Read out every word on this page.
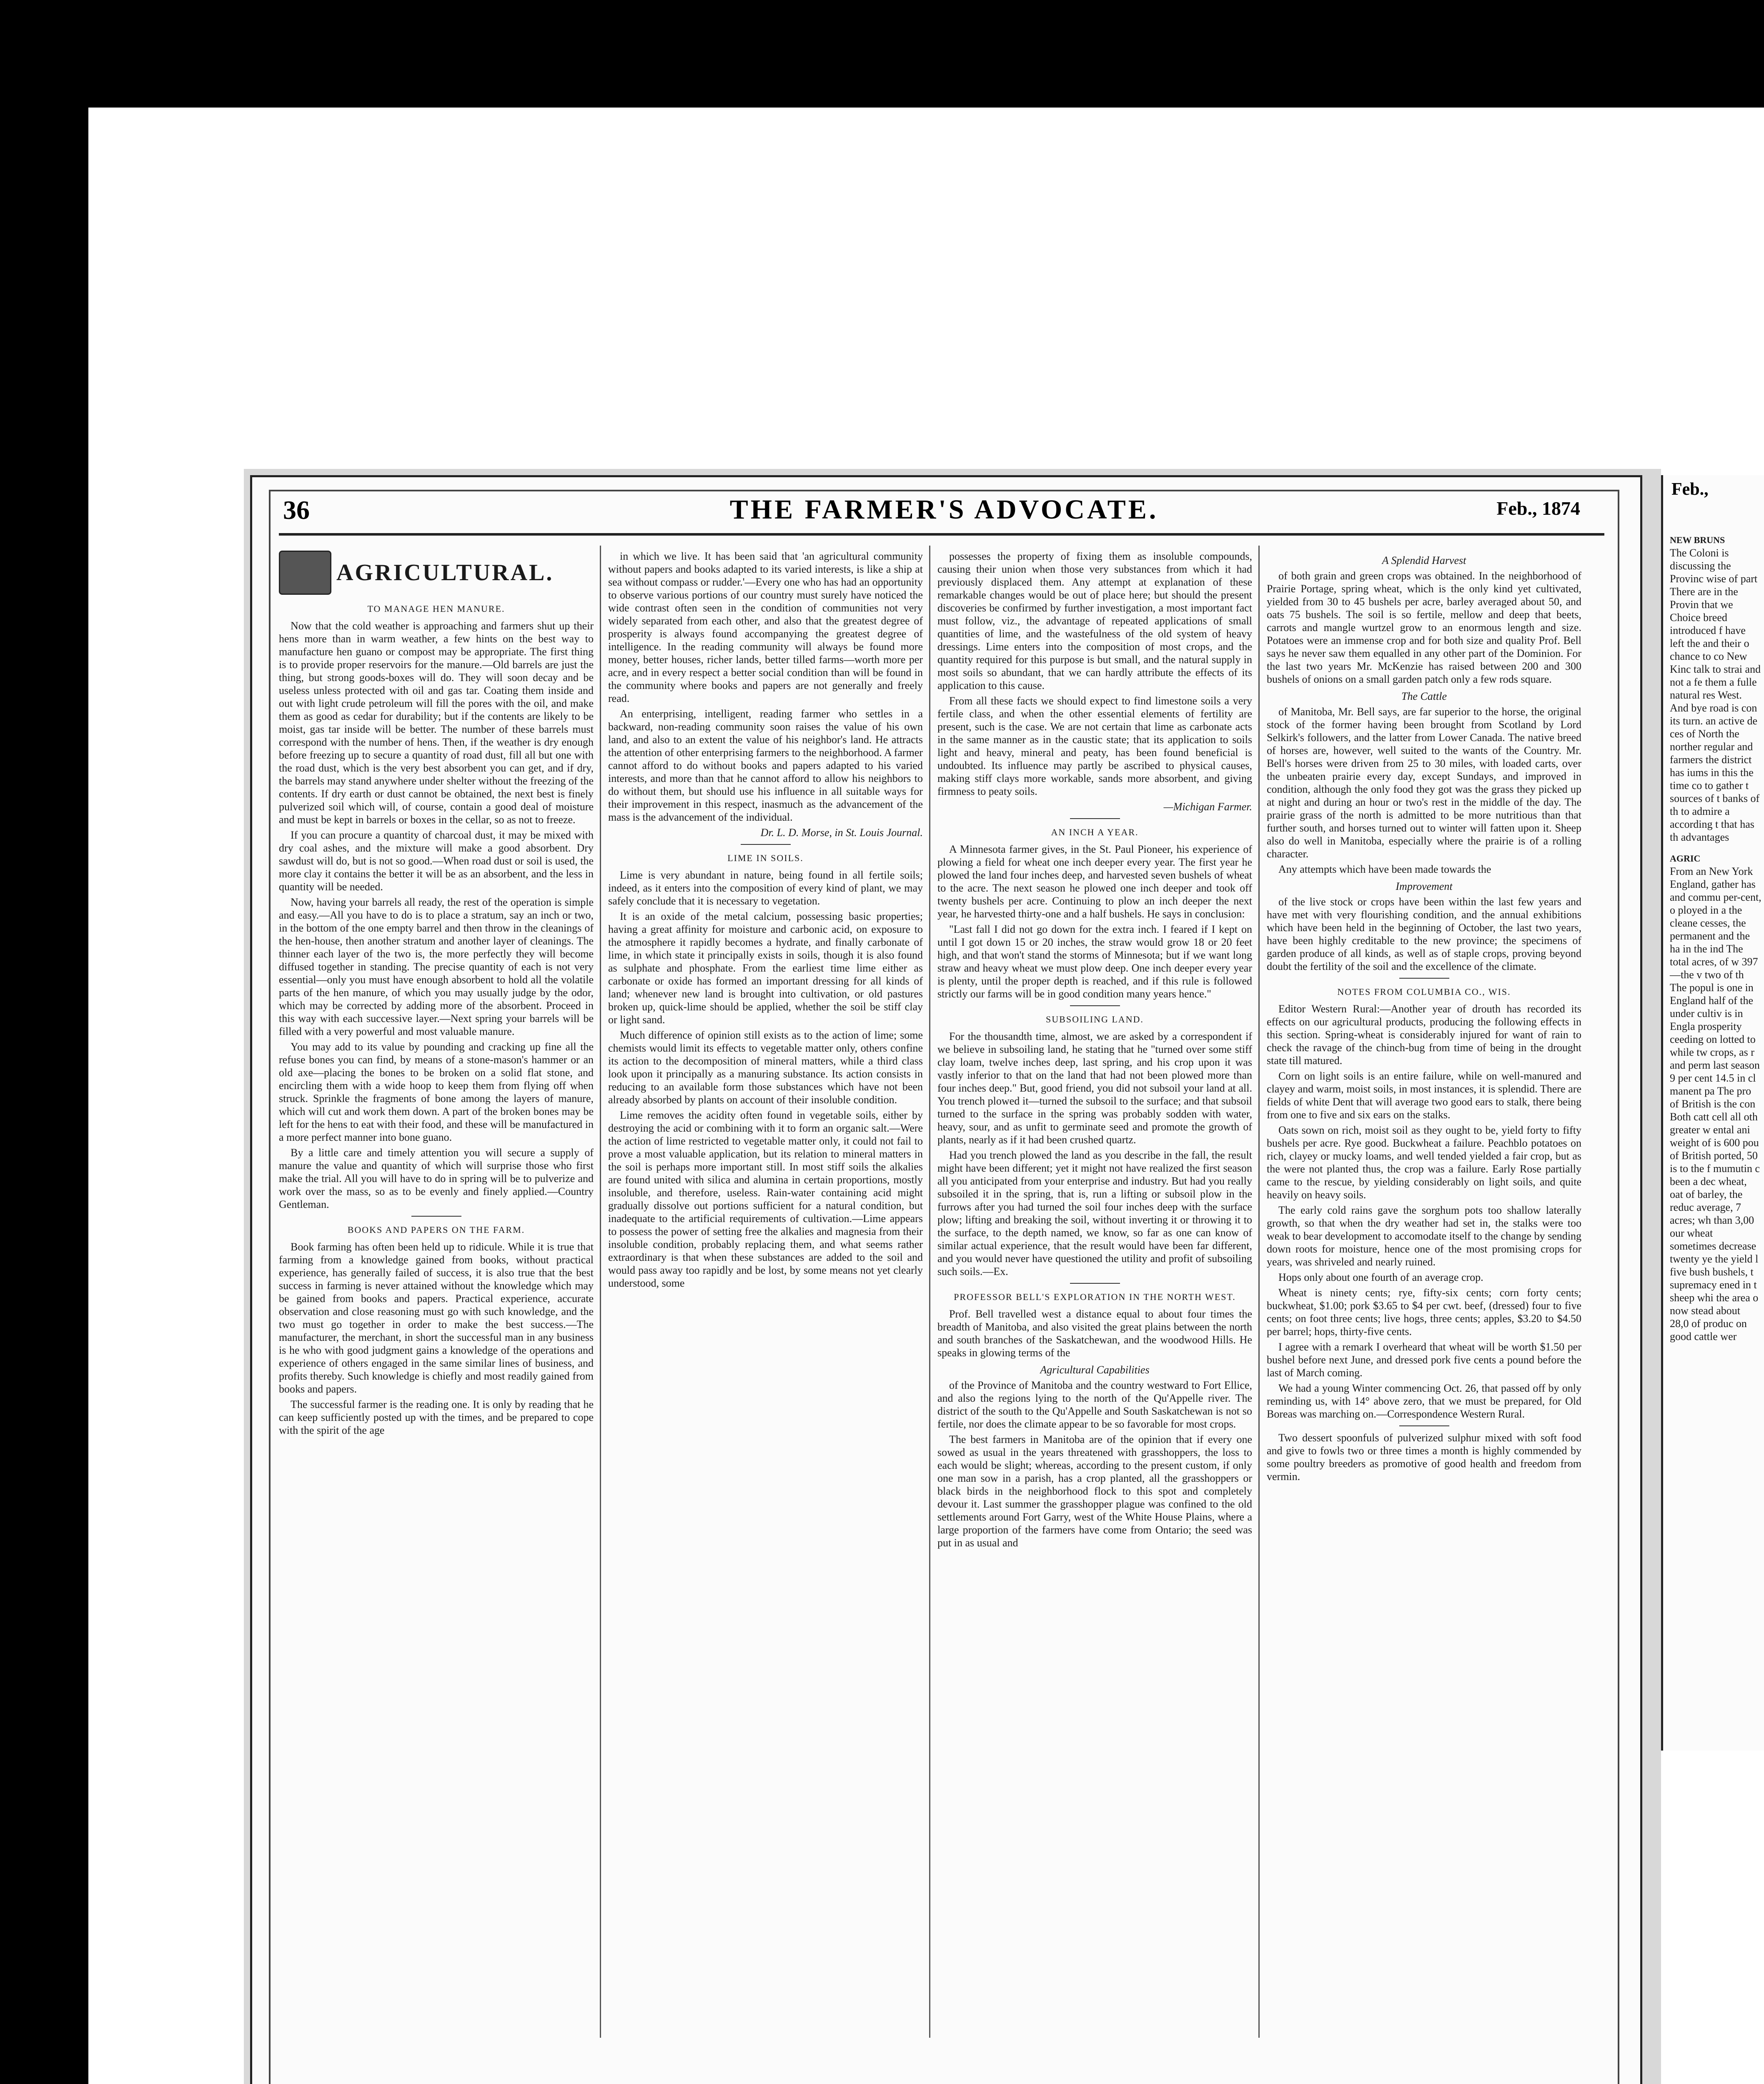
36	THE FARMER'S ADVOCATE.	Feb., 1874
AGRICULTURAL.
TO MANAGE HEN MANURE.

Now that the cold weather is approaching and farmers shut up their hens more than in warm weather, a few hints on the best way to manufacture hen guano or compost may be appropriate. The first thing is to provide proper reservoirs for the manure.—Old barrels are just the thing, but strong goods-boxes will do. They will soon decay and be useless unless protected with oil and gas tar. Coating them inside and out with light crude petroleum will fill the pores with the oil, and make them as good as cedar for durability; but if the contents are likely to be moist, gas tar inside will be better. The number of these barrels must correspond with the number of hens. Then, if the weather is dry enough before freezing up to secure a quantity of road dust, fill all but one with the road dust, which is the very best absorbent you can get, and if dry, the barrels may stand anywhere under shelter without the freezing of the contents. If dry earth or dust cannot be obtained, the next best is finely pulverized soil which will, of course, contain a good deal of moisture and must be kept in barrels or boxes in the cellar, so as not to freeze.

If you can procure a quantity of charcoal dust, it may be mixed with dry coal ashes, and the mixture will make a good absorbent. Dry sawdust will do, but is not so good.—When road dust or soil is used, the more clay it contains the better it will be as an absorbent, and the less in quantity will be needed.

Now, having your barrels all ready, the rest of the operation is simple and easy.—All you have to do is to place a stratum, say an inch or two, in the bottom of the one empty barrel and then throw in the cleanings of the hen-house, then another stratum and another layer of cleanings. The thinner each layer of the two is, the more perfectly they will become diffused together in standing. The precise quantity of each is not very essential—only you must have enough absorbent to hold all the volatile parts of the hen manure, of which you may usually judge by the odor, which may be corrected by adding more of the absorbent. Proceed in this way with each successive layer.—Next spring your barrels will be filled with a very powerful and most valuable manure.

You may add to its value by pounding and cracking up fine all the refuse bones you can find, by means of a stone-mason's hammer or an old axe—placing the bones to be broken on a solid flat stone, and encircling them with a wide hoop to keep them from flying off when struck. Sprinkle the fragments of bone among the layers of manure, which will cut and work them down. A part of the broken bones may be left for the hens to eat with their food, and these will be manufactured in a more perfect manner into bone guano.

By a little care and timely attention you will secure a supply of manure the value and quantity of which will surprise those who first make the trial. All you will have to do in spring will be to pulverize and work over the mass, so as to be evenly and finely applied.—Country Gentleman.

BOOKS AND PAPERS ON THE FARM.

Book farming has often been held up to ridicule. While it is true that farming from a knowledge gained from books, without practical experience, has generally failed of success, it is also true that the best success in farming is never attained without the knowledge which may be gained from books and papers. Practical experience, accurate observation and close reasoning must go with such knowledge, and the two must go together in order to make the best success.—The manufacturer, the merchant, in short the successful man in any business is he who with good judgment gains a knowledge of the operations and experience of others engaged in the same similar lines of business, and profits thereby. Such knowledge is chiefly and most readily gained from books and papers.

The successful farmer is the reading one. It is only by reading that he can keep sufficiently posted up with the times, and be prepared to cope with the spirit of the age

in which we live. It has been said that 'an agricultural community without papers and books adapted to its varied interests, is like a ship at sea without compass or rudder.'—Every one who has had an opportunity to observe various portions of our country must surely have noticed the wide contrast often seen in the condition of communities not very widely separated from each other, and also that the greatest degree of prosperity is always found accompanying the greatest degree of intelligence. In the reading community will always be found more money, better houses, richer lands, better tilled farms—worth more per acre, and in every respect a better social condition than will be found in the community where books and papers are not generally and freely read.

An enterprising, intelligent, reading farmer who settles in a backward, non-reading community soon raises the value of his own land, and also to an extent the value of his neighbor's land. He attracts the attention of other enterprising farmers to the neighborhood. A farmer cannot afford to do without books and papers adapted to his varied interests, and more than that he cannot afford to allow his neighbors to do without them, but should use his influence in all suitable ways for their improvement in this respect, inasmuch as the advancement of the mass is the advancement of the individual.

Dr. L. D. Morse, in St. Louis Journal.

LIME IN SOILS.

Lime is very abundant in nature, being found in all fertile soils; indeed, as it enters into the composition of every kind of plant, we may safely conclude that it is necessary to vegetation.

It is an oxide of the metal calcium, possessing basic properties; having a great affinity for moisture and carbonic acid, on exposure to the atmosphere it rapidly becomes a hydrate, and finally carbonate of lime, in which state it principally exists in soils, though it is also found as sulphate and phosphate. From the earliest time lime either as carbonate or oxide has formed an important dressing for all kinds of land; whenever new land is brought into cultivation, or old pastures broken up, quick-lime should be applied, whether the soil be stiff clay or light sand.

Much difference of opinion still exists as to the action of lime; some chemists would limit its effects to vegetable matter only, others confine its action to the decomposition of mineral matters, while a third class look upon it principally as a manuring substance. Its action consists in reducing to an available form those substances which have not been already absorbed by plants on account of their insoluble condition.

Lime removes the acidity often found in vegetable soils, either by destroying the acid or combining with it to form an organic salt.—Were the action of lime restricted to vegetable matter only, it could not fail to prove a most valuable application, but its relation to mineral matters in the soil is perhaps more important still. In most stiff soils the alkalies are found united with silica and alumina in certain proportions, mostly insoluble, and therefore, useless. Rain-water containing acid might gradually dissolve out portions sufficient for a natural condition, but inadequate to the artificial requirements of cultivation.—Lime appears to possess the power of setting free the alkalies and magnesia from their insoluble condition, probably replacing them, and what seems rather extraordinary is that when these substances are added to the soil and would pass away too rapidly and be lost, by some means not yet clearly understood, some

possesses the property of fixing them as insoluble compounds, causing their union when those very substances from which it had previously displaced them. Any attempt at explanation of these remarkable changes would be out of place here; but should the present discoveries be confirmed by further investigation, a most important fact must follow, viz., the advantage of repeated applications of small quantities of lime, and the wastefulness of the old system of heavy dressings. Lime enters into the composition of most crops, and the quantity required for this purpose is but small, and the natural supply in most soils so abundant, that we can hardly attribute the effects of its application to this cause.

From all these facts we should expect to find limestone soils a very fertile class, and when the other essential elements of fertility are present, such is the case. We are not certain that lime as carbonate acts in the same manner as in the caustic state; that its application to soils light and heavy, mineral and peaty, has been found beneficial is undoubted. Its influence may partly be ascribed to physical causes, making stiff clays more workable, sands more absorbent, and giving firmness to peaty soils.

—Michigan Farmer.

AN INCH A YEAR.

A Minnesota farmer gives, in the St. Paul Pioneer, his experience of plowing a field for wheat one inch deeper every year. The first year he plowed the land four inches deep, and harvested seven bushels of wheat to the acre. The next season he plowed one inch deeper and took off twenty bushels per acre. Continuing to plow an inch deeper the next year, he harvested thirty-one and a half bushels. He says in conclusion:

"Last fall I did not go down for the extra inch. I feared if I kept on until I got down 15 or 20 inches, the straw would grow 18 or 20 feet high, and that won't stand the storms of Minnesota; but if we want long straw and heavy wheat we must plow deep. One inch deeper every year is plenty, until the proper depth is reached, and if this rule is followed strictly our farms will be in good condition many years hence."

SUBSOILING LAND.

For the thousandth time, almost, we are asked by a correspondent if we believe in subsoiling land, he stating that he "turned over some stiff clay loam, twelve inches deep, last spring, and his crop upon it was vastly inferior to that on the land that had not been plowed more than four inches deep." But, good friend, you did not subsoil your land at all. You trench plowed it—turned the subsoil to the surface; and that subsoil turned to the surface in the spring was probably sodden with water, heavy, sour, and as unfit to germinate seed and promote the growth of plants, nearly as if it had been crushed quartz.

Had you trench plowed the land as you describe in the fall, the result might have been different; yet it might not have realized the first season all you anticipated from your enterprise and industry. But had you really subsoiled it in the spring, that is, run a lifting or subsoil plow in the furrows after you had turned the soil four inches deep with the surface plow; lifting and breaking the soil, without inverting it or throwing it to the surface, to the depth named, we know, so far as one can know of similar actual experience, that the result would have been far different, and you would never have questioned the utility and profit of subsoiling such soils.—Ex.

PROFESSOR BELL'S EXPLORATION IN THE NORTH WEST.

Prof. Bell travelled west a distance equal to about four times the breadth of Manitoba, and also visited the great plains between the north and south branches of the Saskatchewan, and the woodwood Hills. He speaks in glowing terms of the

Agricultural Capabilities

of the Province of Manitoba and the country westward to Fort Ellice, and also the regions lying to the north of the Qu'Appelle river. The district of the south to the Qu'Appelle and South Saskatchewan is not so fertile, nor does the climate appear to be so favorable for most crops.

The best farmers in Manitoba are of the opinion that if every one sowed as usual in the years threatened with grasshoppers, the loss to each would be slight; whereas, according to the present custom, if only one man sow in a parish, has a crop planted, all the grasshoppers or black birds in the neighborhood flock to this spot and completely devour it. Last summer the grasshopper plague was confined to the old settlements around Fort Garry, west of the White House Plains, where a large proportion of the farmers have come from Ontario; the seed was put in as usual and

A Splendid Harvest

of both grain and green crops was obtained. In the neighborhood of Prairie Portage, spring wheat, which is the only kind yet cultivated, yielded from 30 to 45 bushels per acre, barley averaged about 50, and oats 75 bushels. The soil is so fertile, mellow and deep that beets, carrots and mangle wurtzel grow to an enormous length and size. Potatoes were an immense crop and for both size and quality Prof. Bell says he never saw them equalled in any other part of the Dominion. For the last two years Mr. McKenzie has raised between 200 and 300 bushels of onions on a small garden patch only a few rods square.

The Cattle

of Manitoba, Mr. Bell says, are far superior to the horse, the original stock of the former having been brought from Scotland by Lord Selkirk's followers, and the latter from Lower Canada. The native breed of horses are, however, well suited to the wants of the Country. Mr. Bell's horses were driven from 25 to 30 miles, with loaded carts, over the unbeaten prairie every day, except Sundays, and improved in condition, although the only food they got was the grass they picked up at night and during an hour or two's rest in the middle of the day. The prairie grass of the north is admitted to be more nutritious than that further south, and horses turned out to winter will fatten upon it. Sheep also do well in Manitoba, especially where the prairie is of a rolling character.

Any attempts which have been made towards the

Improvement

of the live stock or crops have been within the last few years and have met with very flourishing condition, and the annual exhibitions which have been held in the beginning of October, the last two years, have been highly creditable to the new province; the specimens of garden produce of all kinds, as well as of staple crops, proving beyond doubt the fertility of the soil and the excellence of the climate.

NOTES FROM COLUMBIA CO., WIS.

Editor Western Rural:—Another year of drouth has recorded its effects on our agricultural products, producing the following effects in this section. Spring-wheat is considerably injured for want of rain to check the ravage of the chinch-bug from time of being in the drought state till matured.

Corn on light soils is an entire failure, while on well-manured and clayey and warm, moist soils, in most instances, it is splendid. There are fields of white Dent that will average two good ears to stalk, there being from one to five and six ears on the stalks.

Oats sown on rich, moist soil as they ought to be, yield forty to fifty bushels per acre. Rye good. Buckwheat a failure. Peachblo potatoes on rich, clayey or mucky loams, and well tended yielded a fair crop, but as the were not planted thus, the crop was a failure. Early Rose partially came to the rescue, by yielding considerably on light soils, and quite heavily on heavy soils.

The early cold rains gave the sorghum pots too shallow laterally growth, so that when the dry weather had set in, the stalks were too weak to bear development to accomodate itself to the change by sending down roots for moisture, hence one of the most promising crops for years, was shriveled and nearly ruined.

Hops only about one fourth of an average crop.

Wheat is ninety cents; rye, fifty-six cents; corn forty cents; buckwheat, $1.00; pork $3.65 to $4 per cwt. beef, (dressed) four to five cents; on foot three cents; live hogs, three cents; apples, $3.20 to $4.50 per barrel; hops, thirty-five cents.

I agree with a remark I overheard that wheat will be worth $1.50 per bushel before next June, and dressed pork five cents a pound before the last of March coming.

We had a young Winter commencing Oct. 26, that passed off by only reminding us, with 14° above zero, that we must be prepared, for Old Boreas was marching on.—Correspondence Western Rural.

Two dessert spoonfuls of pulverized sulphur mixed with soft food and give to fowls two or three times a month is highly commended by some poultry breeders as promotive of good health and freedom from vermin.

Feb.,
NEW BRUNS
The Coloni is discussing the Provinc wise of part There are in the Provin that we Choice breed introduced f have left the and their o chance to co New Kinc talk to strai and not a fe them a fulle natural res West. And bye road is con its turn. an active de ces of North the norther regular and farmers the district has iums in this the time co to gather t sources of t banks of th to admire a according t that has th advantages
AGRIC
From an New York England, gather has and commu per-cent, o ployed in a the cleane cesses, the permanent and the ha in the ind The total acres, of w 397—the v two of th The popul is one in England half of the under cultiv is in Engla prosperity ceeding on lotted to while tw crops, as r and perm last season 9 per cent 14.5 in cl manent pa The pro of British is the con Both catt cell all oth greater w ental ani weight of is 600 pou of British ported, 50 is to the f mumutin c been a dec wheat, oat of barley, the reduc average, 7 acres; wh than 3,00 our wheat sometimes decrease twenty ye the yield l five bush bushels, t supremacy ened in t sheep whi the area o now stead about 28,0 of produc on good cattle wer
